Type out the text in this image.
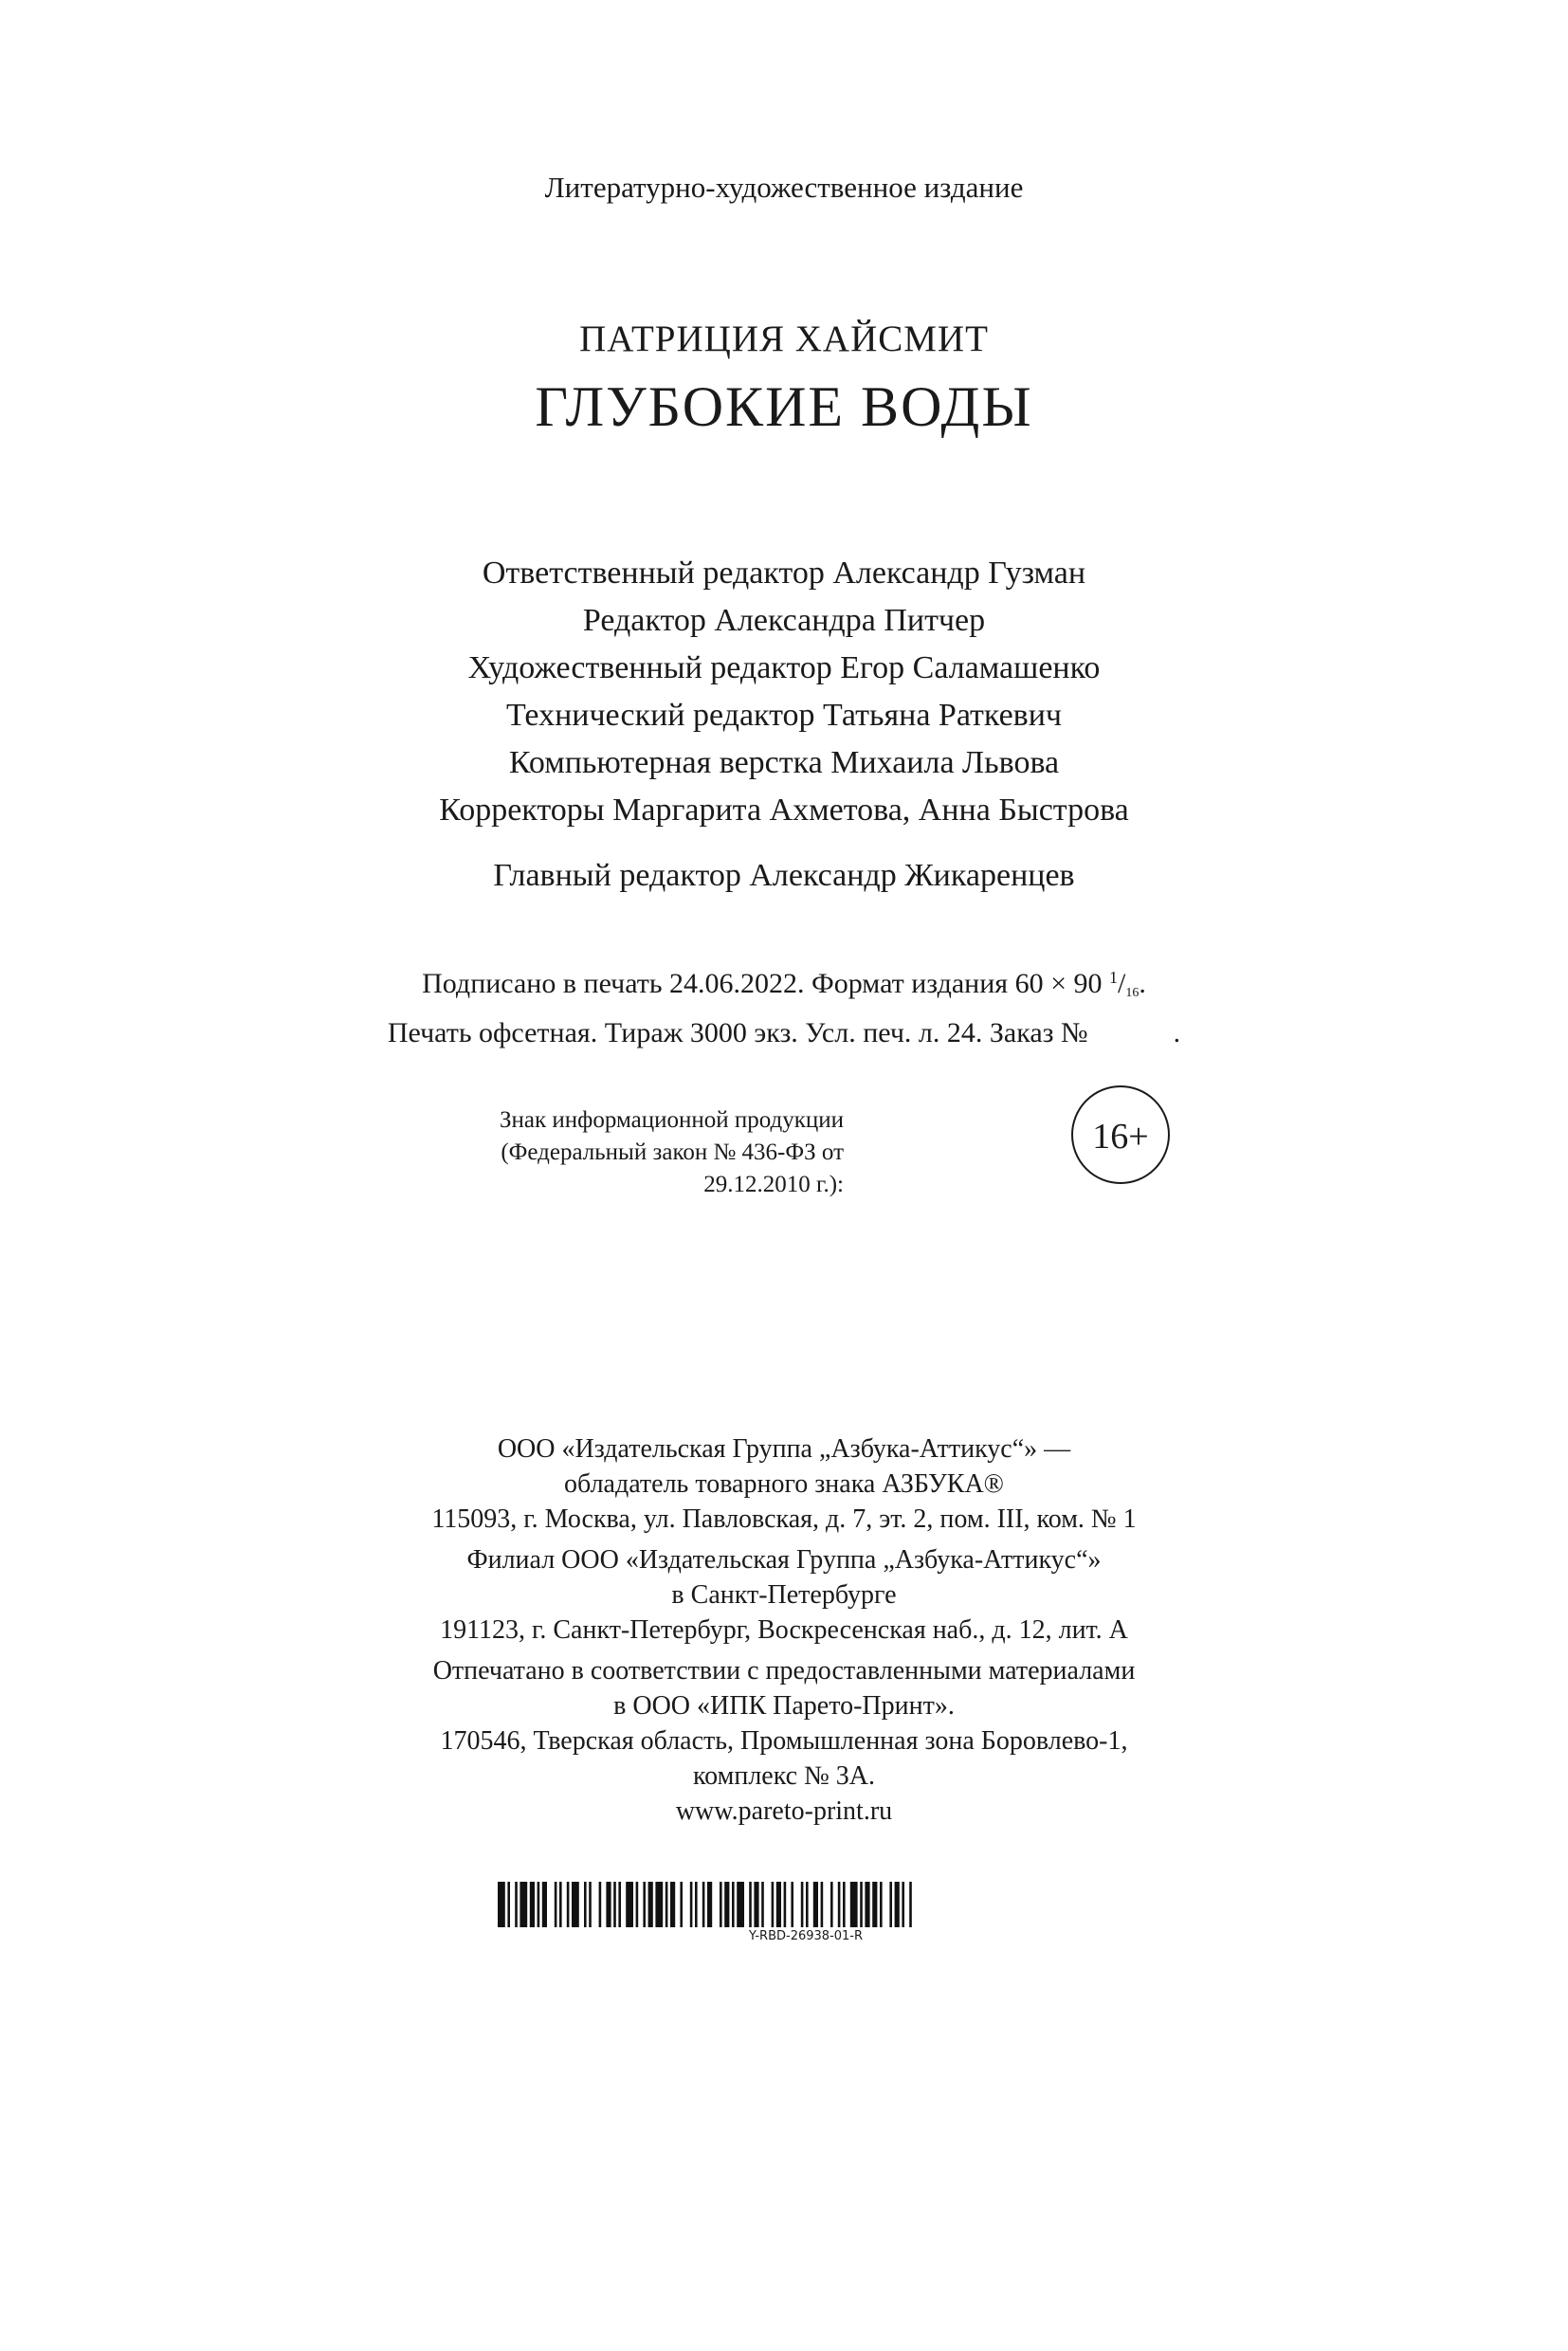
Литературно-художественное издание
ПАТРИЦИЯ ХАЙСМИТ
ГЛУБОКИЕ ВОДЫ
Ответственный редактор Александр Гузман
Редактор Александра Питчер
Художественный редактор Егор Саламашенко
Технический редактор Татьяна Раткевич
Компьютерная верстка Михаила Львова
Корректоры Маргарита Ахметова, Анна Быстрова
Главный редактор Александр Жикаренцев
Подписано в печать 24.06.2022. Формат издания 60 × 90 $^1/_{16}$.
Печать офсетная. Тираж 3000 экз. Усл. печ. л. 24. Заказ №	.
Знак информационной продукции
(Федеральный закон № 436-ФЗ от 29.12.2010 г.):
16+
ООО «Издательская Группа „Азбука-Аттикус“» —
обладатель товарного знака АЗБУКА®
115093, г. Москва, ул. Павловская, д. 7, эт. 2, пом. III, ком. № 1
Филиал ООО «Издательская Группа „Азбука-Аттикус“»
в Санкт-Петербурге
191123, г. Санкт-Петербург, Воскресенская наб., д. 12, лит. А
Отпечатано в соответствии с предоставленными материалами
в ООО «ИПК Парето-Принт».
170546, Тверская область, Промышленная зона Боровлево-1,
комплекс № 3А.
www.pareto-print.ru
Y-RBD-26938-01-R
